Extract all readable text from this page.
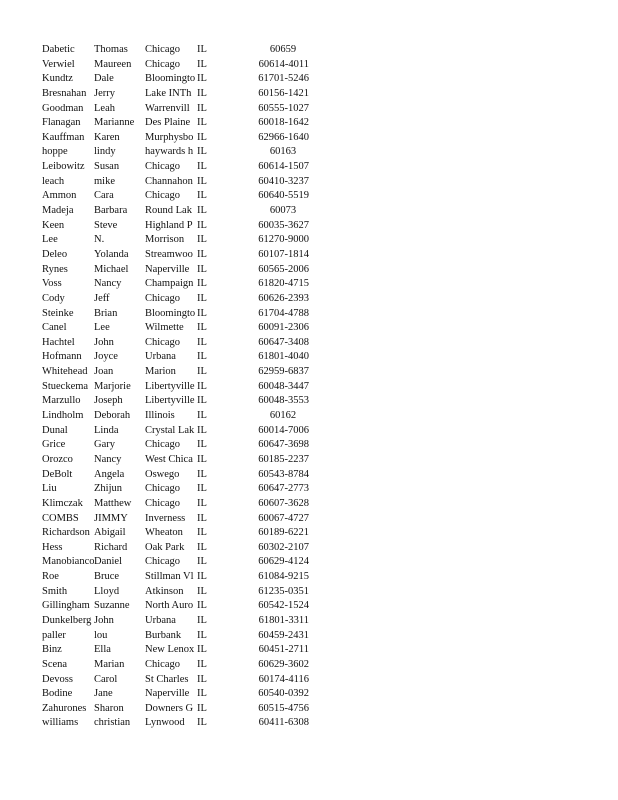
Dabetic	Thomas	Chicago	IL	60659
Verwiel	Maureen	Chicago	IL	60614-4011
Kundtz	Dale	Bloomingto IL	61701-5246
Bresnahan Jerry	Lake INTh IL	60156-1421
Goodman	Leah	Warrenvill IL	60555-1027
Flanagan	Marianne	Des Plaine IL	60018-1642
Kauffman Karen	Murphysbo IL	62966-1640
hoppe	lindy	haywards h IL	60163
Leibowitz Susan	Chicago	IL	60614-1507
leach	mike	Channahon IL	60410-3237
Ammon	Cara	Chicago	IL	60640-5519
Madeja	Barbara	Round Lak IL	60073
Keen	Steve	Highland P IL	60035-3627
Lee	N.	Morrison	IL	61270-9000
Deleo	Yolanda	Streamwoo IL	60107-1814
Rynes	Michael	Naperville IL	60565-2006
Voss	Nancy	Champaign IL	61820-4715
Cody	Jeff	Chicago	IL	60626-2393
Steinke	Brian	Bloomingto IL	61704-4788
Canel	Lee	Wilmette	IL	60091-2306
Hachtel	John	Chicago	IL	60647-3408
Hofmann	Joyce	Urbana	IL	61801-4040
Whitehead Joan	Marion	IL	62959-6837
Stueckema Marjorie	Libertyville IL	60048-3447
Marzullo	Joseph	Libertyville IL	60048-3553
Lindholm	Deborah	Illinois	IL	60162
Dunal	Linda	Crystal Lak IL	60014-7006
Grice	Gary	Chicago	IL	60647-3698
Orozco	Nancy	West Chica IL	60185-2237
DeBolt	Angela	Oswego	IL	60543-8784
Liu	Zhijun	Chicago	IL	60647-2773
Klimczak	Matthew	Chicago	IL	60607-3628
COMBS	JIMMY	Inverness	IL	60067-4727
Richardson Abigail	Wheaton	IL	60189-6221
Hess	Richard	Oak Park	IL	60302-2107
Manobianco Daniel	Chicago	IL	60629-4124
Roe	Bruce	Stillman Vl IL	61084-9215
Smith	Lloyd	Atkinson	IL	61235-0351
Gillingham Suzanne	North Auro IL	60542-1524
Dunkelberg John	Urbana	IL	61801-3311
paller	lou	Burbank	IL	60459-2431
Binz	Ella	New Lenox IL	60451-2711
Scena	Marian	Chicago	IL	60629-3602
Devoss	Carol	St Charles IL	60174-4116
Bodine	Jane	Naperville IL	60540-0392
Zahurones Sharon	Downers G IL	60515-4756
williams	christian	Lynwood	IL	60411-6308
